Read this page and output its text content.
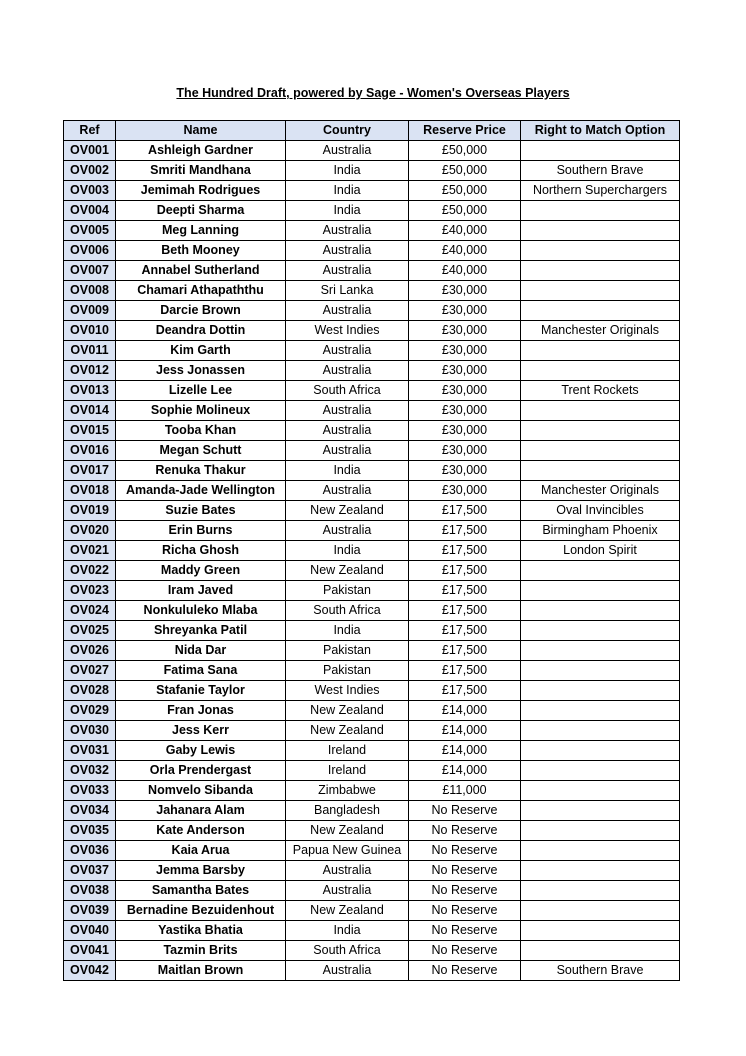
The Hundred Draft, powered by Sage - Women's Overseas Players
Ref	Name	Country	Reserve Price	Right to Match Option
OV001	Ashleigh Gardner	Australia	£50,000	
OV002	Smriti Mandhana	India	£50,000	Southern Brave
OV003	Jemimah Rodrigues	India	£50,000	Northern Superchargers
OV004	Deepti Sharma	India	£50,000	
OV005	Meg Lanning	Australia	£40,000	
OV006	Beth Mooney	Australia	£40,000	
OV007	Annabel Sutherland	Australia	£40,000	
OV008	Chamari Athapaththu	Sri Lanka	£30,000	
OV009	Darcie Brown	Australia	£30,000	
OV010	Deandra Dottin	West Indies	£30,000	Manchester Originals
OV011	Kim Garth	Australia	£30,000	
OV012	Jess Jonassen	Australia	£30,000	
OV013	Lizelle Lee	South Africa	£30,000	Trent Rockets
OV014	Sophie Molineux	Australia	£30,000	
OV015	Tooba Khan	Australia	£30,000	
OV016	Megan Schutt	Australia	£30,000	
OV017	Renuka Thakur	India	£30,000	
OV018	Amanda-Jade Wellington	Australia	£30,000	Manchester Originals
OV019	Suzie Bates	New Zealand	£17,500	Oval Invincibles
OV020	Erin Burns	Australia	£17,500	Birmingham Phoenix
OV021	Richa Ghosh	India	£17,500	London Spirit
OV022	Maddy Green	New Zealand	£17,500	
OV023	Iram Javed	Pakistan	£17,500	
OV024	Nonkululeko Mlaba	South Africa	£17,500	
OV025	Shreyanka Patil	India	£17,500	
OV026	Nida Dar	Pakistan	£17,500	
OV027	Fatima Sana	Pakistan	£17,500	
OV028	Stafanie Taylor	West Indies	£17,500	
OV029	Fran Jonas	New Zealand	£14,000	
OV030	Jess Kerr	New Zealand	£14,000	
OV031	Gaby Lewis	Ireland	£14,000	
OV032	Orla Prendergast	Ireland	£14,000	
OV033	Nomvelo Sibanda	Zimbabwe	£11,000	
OV034	Jahanara Alam	Bangladesh	No Reserve	
OV035	Kate Anderson	New Zealand	No Reserve	
OV036	Kaia Arua	Papua New Guinea	No Reserve	
OV037	Jemma Barsby	Australia	No Reserve	
OV038	Samantha Bates	Australia	No Reserve	
OV039	Bernadine Bezuidenhout	New Zealand	No Reserve	
OV040	Yastika Bhatia	India	No Reserve	
OV041	Tazmin Brits	South Africa	No Reserve	
OV042	Maitlan Brown	Australia	No Reserve	Southern Brave
